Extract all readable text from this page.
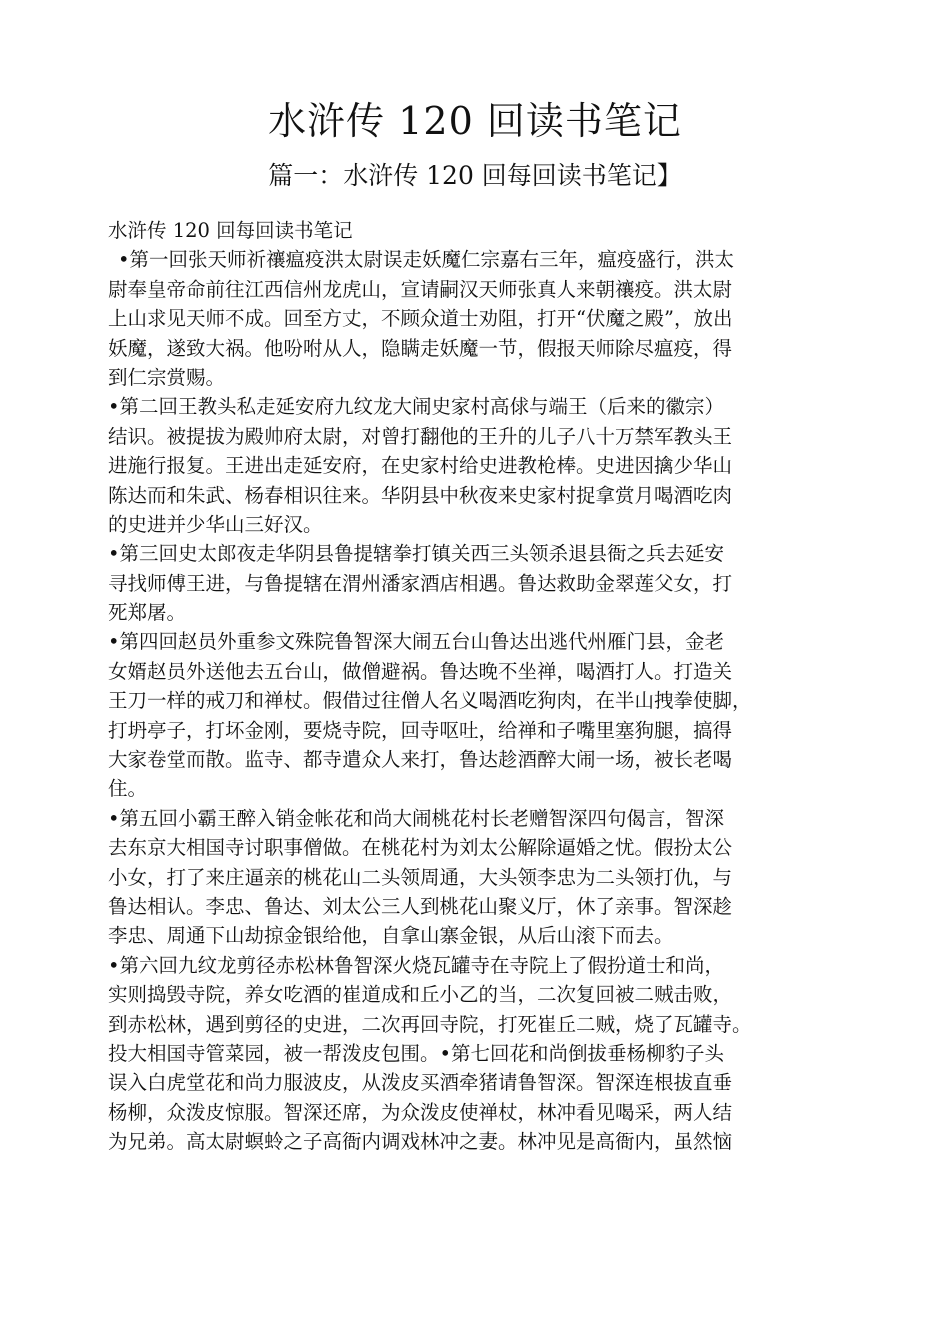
水浒传 120 回读书笔记
篇一：水浒传 120 回每回读书笔记】
水浒传 120 回每回读书笔记
•第一回张天师祈禳瘟疫洪太尉误走妖魔仁宗嘉右三年，瘟疫盛行，洪太
尉奉皇帝命前往江西信州龙虎山，宣请嗣汉天师张真人来朝禳疫。洪太尉
上山求见天师不成。回至方丈，不顾众道士劝阻，打开“伏魔之殿”，放出
妖魔，遂致大祸。他吩咐从人，隐瞒走妖魔一节，假报天师除尽瘟疫，得
到仁宗赏赐。
•第二回王教头私走延安府九纹龙大闹史家村高俅与端王（后来的徽宗）
结识。被提拔为殿帅府太尉，对曾打翻他的王升的儿子八十万禁军教头王
进施行报复。王进出走延安府，在史家村给史进教枪棒。史进因擒少华山
陈达而和朱武、杨春相识往来。华阴县中秋夜来史家村捉拿赏月喝酒吃肉
的史进并少华山三好汉。
•第三回史太郎夜走华阴县鲁提辖拳打镇关西三头领杀退县衙之兵去延安
寻找师傅王进，与鲁提辖在渭州潘家酒店相遇。鲁达救助金翠莲父女，打
死郑屠。
•第四回赵员外重参文殊院鲁智深大闹五台山鲁达出逃代州雁门县，金老
女婿赵员外送他去五台山，做僧避祸。鲁达晚不坐禅，喝酒打人。打造关
王刀一样的戒刀和禅杖。假借过往僧人名义喝酒吃狗肉，在半山拽拳使脚，
打坍亭子，打坏金刚，要烧寺院，回寺呕吐，给禅和子嘴里塞狗腿，搞得
大家卷堂而散。监寺、都寺遣众人来打，鲁达趁酒醉大闹一场，被长老喝
住。
•第五回小霸王醉入销金帐花和尚大闹桃花村长老赠智深四句偈言，智深
去东京大相国寺讨职事僧做。在桃花村为刘太公解除逼婚之忧。假扮太公
小女，打了来庄逼亲的桃花山二头领周通，大头领李忠为二头领打仇，与
鲁达相认。李忠、鲁达、刘太公三人到桃花山聚义厅，休了亲事。智深趁
李忠、周通下山劫掠金银给他，自拿山寨金银，从后山滚下而去。
•第六回九纹龙剪径赤松林鲁智深火烧瓦罐寺在寺院上了假扮道士和尚，
实则捣毁寺院，养女吃酒的崔道成和丘小乙的当，二次复回被二贼击败，
到赤松林，遇到剪径的史进，二次再回寺院，打死崔丘二贼，烧了瓦罐寺。
投大相国寺管菜园，被一帮泼皮包围。•第七回花和尚倒拔垂杨柳豹子头
误入白虎堂花和尚力服波皮，从泼皮买酒牵猪请鲁智深。智深连根拔直垂
杨柳，众泼皮惊服。智深还席，为众泼皮使禅杖，林冲看见喝采，两人结
为兄弟。高太尉螟蛉之子高衙内调戏林冲之妻。林冲见是高衙内，虽然恼
